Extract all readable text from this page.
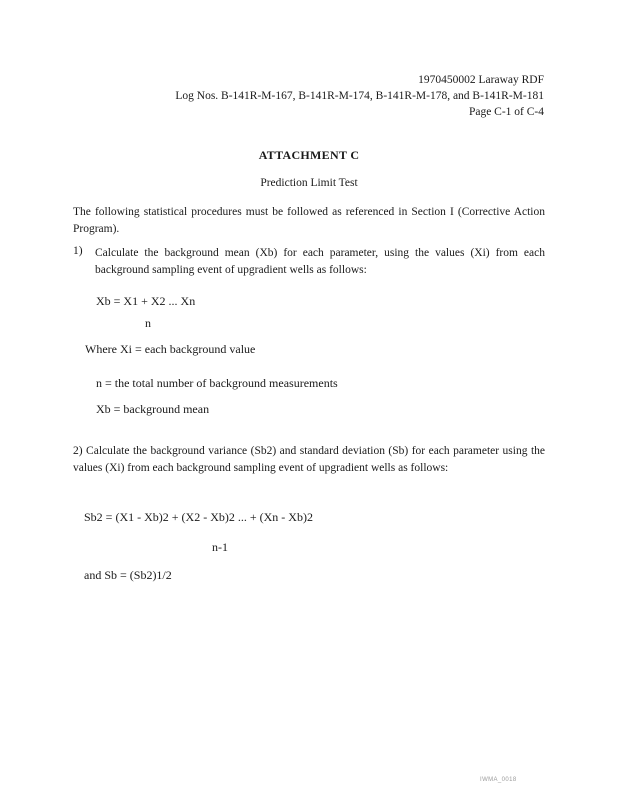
1970450002 Laraway RDF
Log Nos. B-141R-M-167, B-141R-M-174, B-141R-M-178, and B-141R-M-181
Page C-1 of C-4
ATTACHMENT C
Prediction Limit Test
The following statistical procedures must be followed as referenced in Section I (Corrective Action Program).
1) Calculate the background mean (Xb) for each parameter, using the values (Xi) from each background sampling event of upgradient wells as follows:
Xb = X1 + X2 ... Xn
n
Where Xi = each background value
n = the total number of background measurements
Xb = background mean
2) Calculate the background variance (Sb2) and standard deviation (Sb) for each parameter using the values (Xi) from each background sampling event of upgradient wells as follows:
Sb2 = (X1 - Xb)2 + (X2 - Xb)2 ... + (Xn - Xb)2
n-1
and Sb = (Sb2)1/2
IWMA_0018
